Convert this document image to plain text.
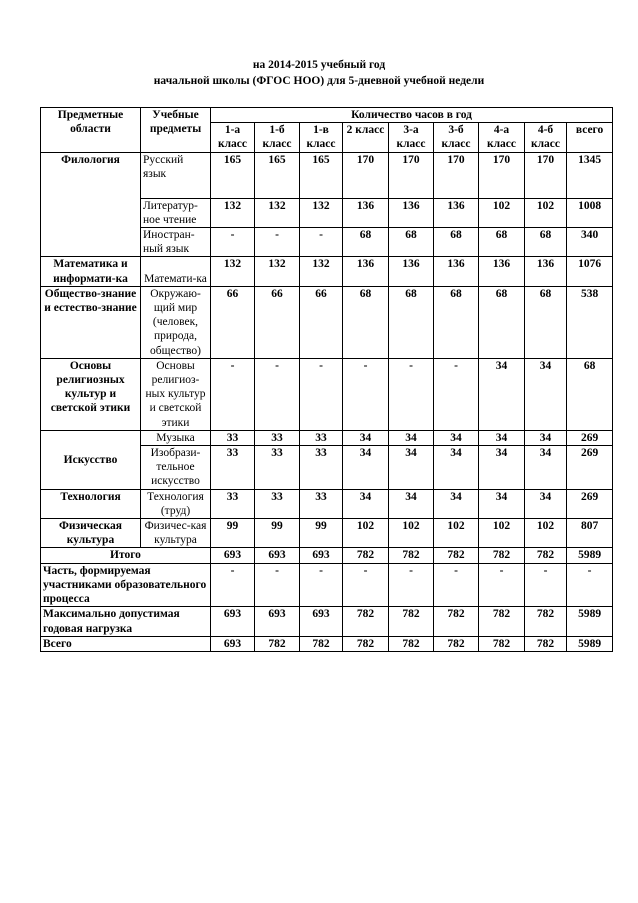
на 2014-2015 учебный год
начальной школы (ФГОС НОО) для 5-дневной учебной недели
Предметные области	Учебные предметы	Количество часов в год								
		1-а класс	1-б класс	1-в класс	2 класс	3-а класс	3-б класс	4-а класс	4-б класс	всего
Филология	Русский язык	165	165	165	170	170	170	170	170	1345
	Литератур-ное чтение	132	132	132	136	136	136	102	102	1008
	Иностран-ный язык	-	-	-	68	68	68	68	68	340
Математика и информати-ка	Математи-ка	132	132	132	136	136	136	136	136	1076
Общество-знание и естество-знание	Окружаю-щий мир (человек, природа, общество)	66	66	66	68	68	68	68	68	538
Основы религиозных культур и светской этики	Основы религиоз-ных культур и светской этики	-	-	-	-	-	-	34	34	68
Искусство	Музыка	33	33	33	34	34	34	34	34	269
	Изобрази-тельное искусство	33	33	33	34	34	34	34	34	269
Технология	Технология (труд)	33	33	33	34	34	34	34	34	269
Физическая культура	Физичес-кая культура	99	99	99	102	102	102	102	102	807
Итого		693	693	693	782	782	782	782	782	5989
Часть, формируемая участниками образовательного процесса		-	-	-	-	-	-	-	-	-
Максимально допустимая годовая нагрузка		693	693	693	782	782	782	782	782	5989
Всего		693	782	782	782	782	782	782	782	5989
